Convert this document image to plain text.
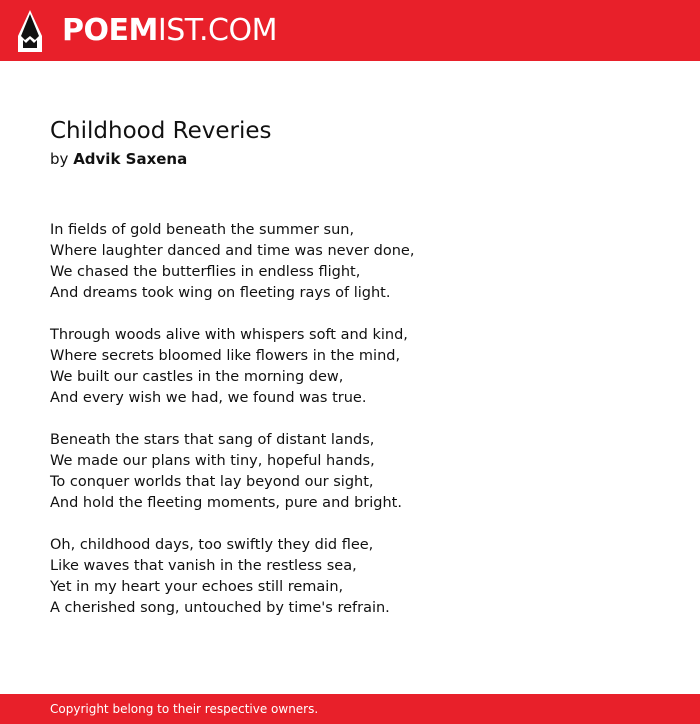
POEMIST.COM
Childhood Reveries
by Advik Saxena
In fields of gold beneath the summer sun,
Where laughter danced and time was never done,
We chased the butterflies in endless flight,
And dreams took wing on fleeting rays of light.
Through woods alive with whispers soft and kind,
Where secrets bloomed like flowers in the mind,
We built our castles in the morning dew,
And every wish we had, we found was true.
Beneath the stars that sang of distant lands,
We made our plans with tiny, hopeful hands,
To conquer worlds that lay beyond our sight,
And hold the fleeting moments, pure and bright.
Oh, childhood days, too swiftly they did flee,
Like waves that vanish in the restless sea,
Yet in my heart your echoes still remain,
A cherished song, untouched by time's refrain.
Copyright belong to their respective owners.
